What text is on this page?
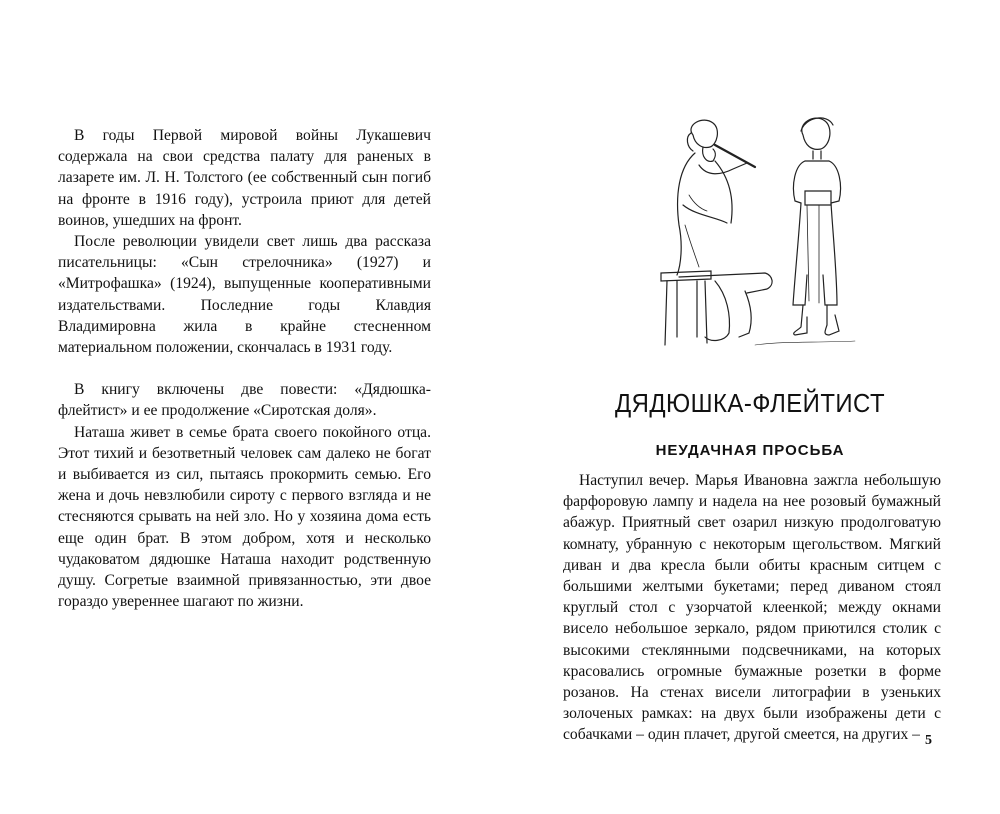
В годы Первой мировой войны Лукашевич содержала на свои средства палату для раненых в лазарете им. Л. Н. Толстого (ее собственный сын погиб на фронте в 1916 году), устроила приют для детей воинов, ушедших на фронт.

После революции увидели свет лишь два рассказа писательницы: «Сын стрелочника» (1927) и «Митрофашка» (1924), выпущенные кооперативными издательствами. Последние годы Клавдия Владимировна жила в крайне стесненном материальном положении, скончалась в 1931 году.

В книгу включены две повести: «Дядюшка-флейтист» и ее продолжение «Сиротская доля».

Наташа живет в семье брата своего покойного отца. Этот тихий и безответный человек сам далеко не богат и выбивается из сил, пытаясь прокормить семью. Его жена и дочь невзлюбили сироту с первого взгляда и не стесняются срывать на ней зло. Но у хозяина дома есть еще один брат. В этом добром, хотя и несколько чудаковатом дядюшке Наташа находит родственную душу. Согретые взаимной привязанностью, эти двое гораздо увереннее шагают по жизни.

ДЯДЮШКА-ФЛЕЙТИСТ
НЕУДАЧНАЯ ПРОСЬБА

Наступил вечер. Марья Ивановна зажгла небольшую фарфоровую лампу и надела на нее розовый бумажный абажур. Приятный свет озарил низкую продолговатую комнату, убранную с некоторым щегольством. Мягкий диван и два кресла были обиты красным ситцем с большими желтыми букетами; перед диваном стоял круглый стол с узорчатой клеенкой; между окнами висело небольшое зеркало, рядом приютился столик с высокими стеклянными подсвечниками, на которых красовались огромные бумажные розетки в форме розанов. На стенах висели литографии в узеньких золоченых рамках: на двух были изображены дети с собачками – один плачет, другой смеется, на других – 5
